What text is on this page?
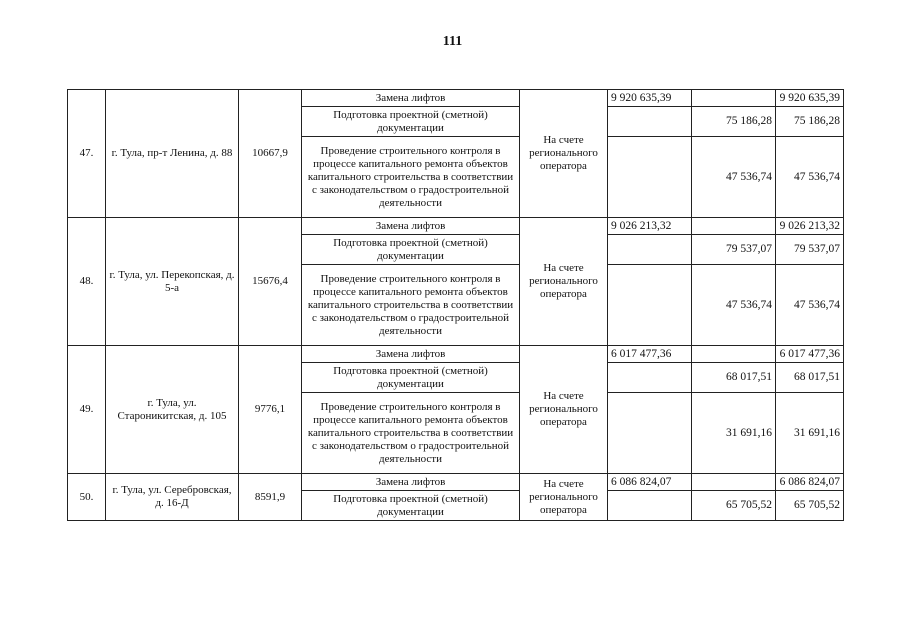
111
47.	г. Тула, пр-т Ленина, д. 88	10667,9	Замена лифтов	На счете регионального оператора	9 920 635,39		9 920 635,39
			Подготовка проектной (сметной) документации			75 186,28	75 186,28
			Проведение строительного контроля в процессе капитального ремонта объектов капитального строительства в соответствии с законодательством о градостроительной деятельности			47 536,74	47 536,74
48.	г. Тула, ул. Перекопская, д. 5-а	15676,4	Замена лифтов	На счете регионального оператора	9 026 213,32		9 026 213,32
			Подготовка проектной (сметной) документации			79 537,07	79 537,07
			Проведение строительного контроля в процессе капитального ремонта объектов капитального строительства в соответствии с законодательством о градостроительной деятельности			47 536,74	47 536,74
49.	г. Тула, ул. Староникитская, д. 105	9776,1	Замена лифтов	На счете регионального оператора	6 017 477,36		6 017 477,36
			Подготовка проектной (сметной) документации			68 017,51	68 017,51
			Проведение строительного контроля в процессе капитального ремонта объектов капитального строительства в соответствии с законодательством о градостроительной деятельности			31 691,16	31 691,16
50.	г. Тула, ул. Серебровская, д. 16-Д	8591,9	Замена лифтов	На счете регионального оператора	6 086 824,07		6 086 824,07
			Подготовка проектной (сметной) документации			65 705,52	65 705,52
